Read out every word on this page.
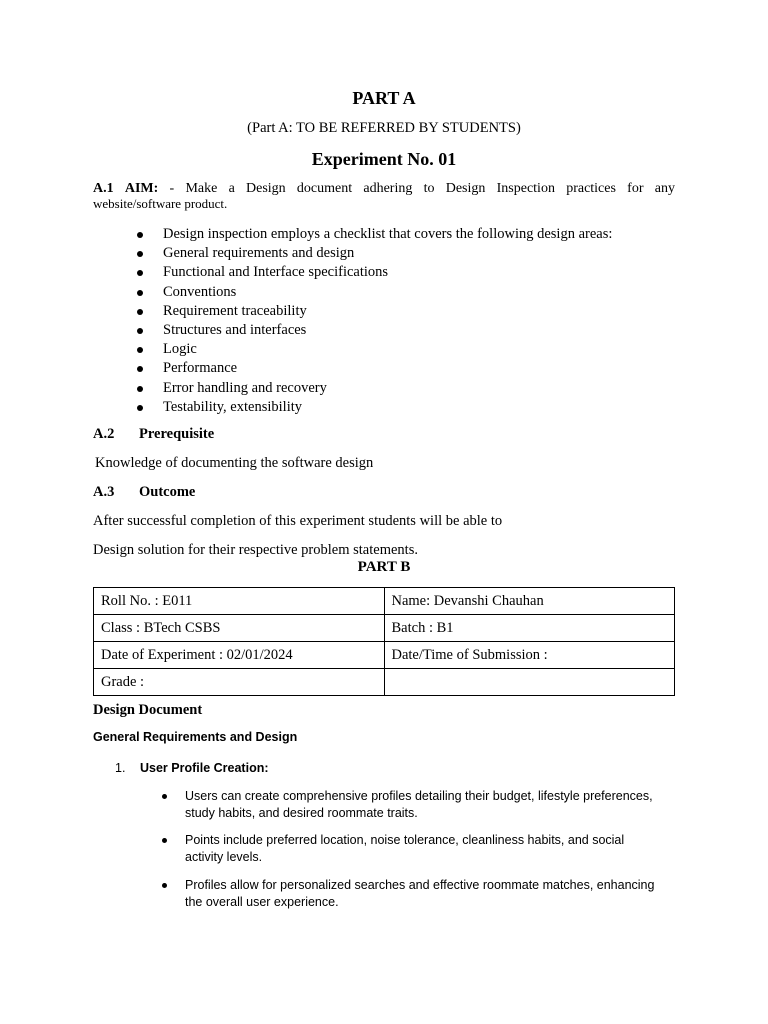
PART A
(Part A: TO BE REFERRED BY STUDENTS)
Experiment No. 01
A.1 AIM: - Make a Design document adhering to Design Inspection practices for any
website/software product.
Design inspection employs a checklist that covers the following design areas:
General requirements and design
Functional and Interface specifications
Conventions
Requirement traceability
Structures and interfaces
Logic
Performance
Error handling and recovery
Testability, extensibility
A.2 Prerequisite
Knowledge of documenting the software design
A.3 Outcome
After successful completion of this experiment students will be able to
Design solution for their respective problem statements.
PART B
Roll No. : E011	Name: Devanshi Chauhan
Class : BTech CSBS	Batch : B1
Date of Experiment : 02/01/2024	Date/Time of Submission :
Grade :	
Design Document
General Requirements and Design
1. User Profile Creation:
Users can create comprehensive profiles detailing their budget, lifestyle preferences,
study habits, and desired roommate traits.
Points include preferred location, noise tolerance, cleanliness habits, and social
activity levels.
Profiles allow for personalized searches and effective roommate matches, enhancing
the overall user experience.
